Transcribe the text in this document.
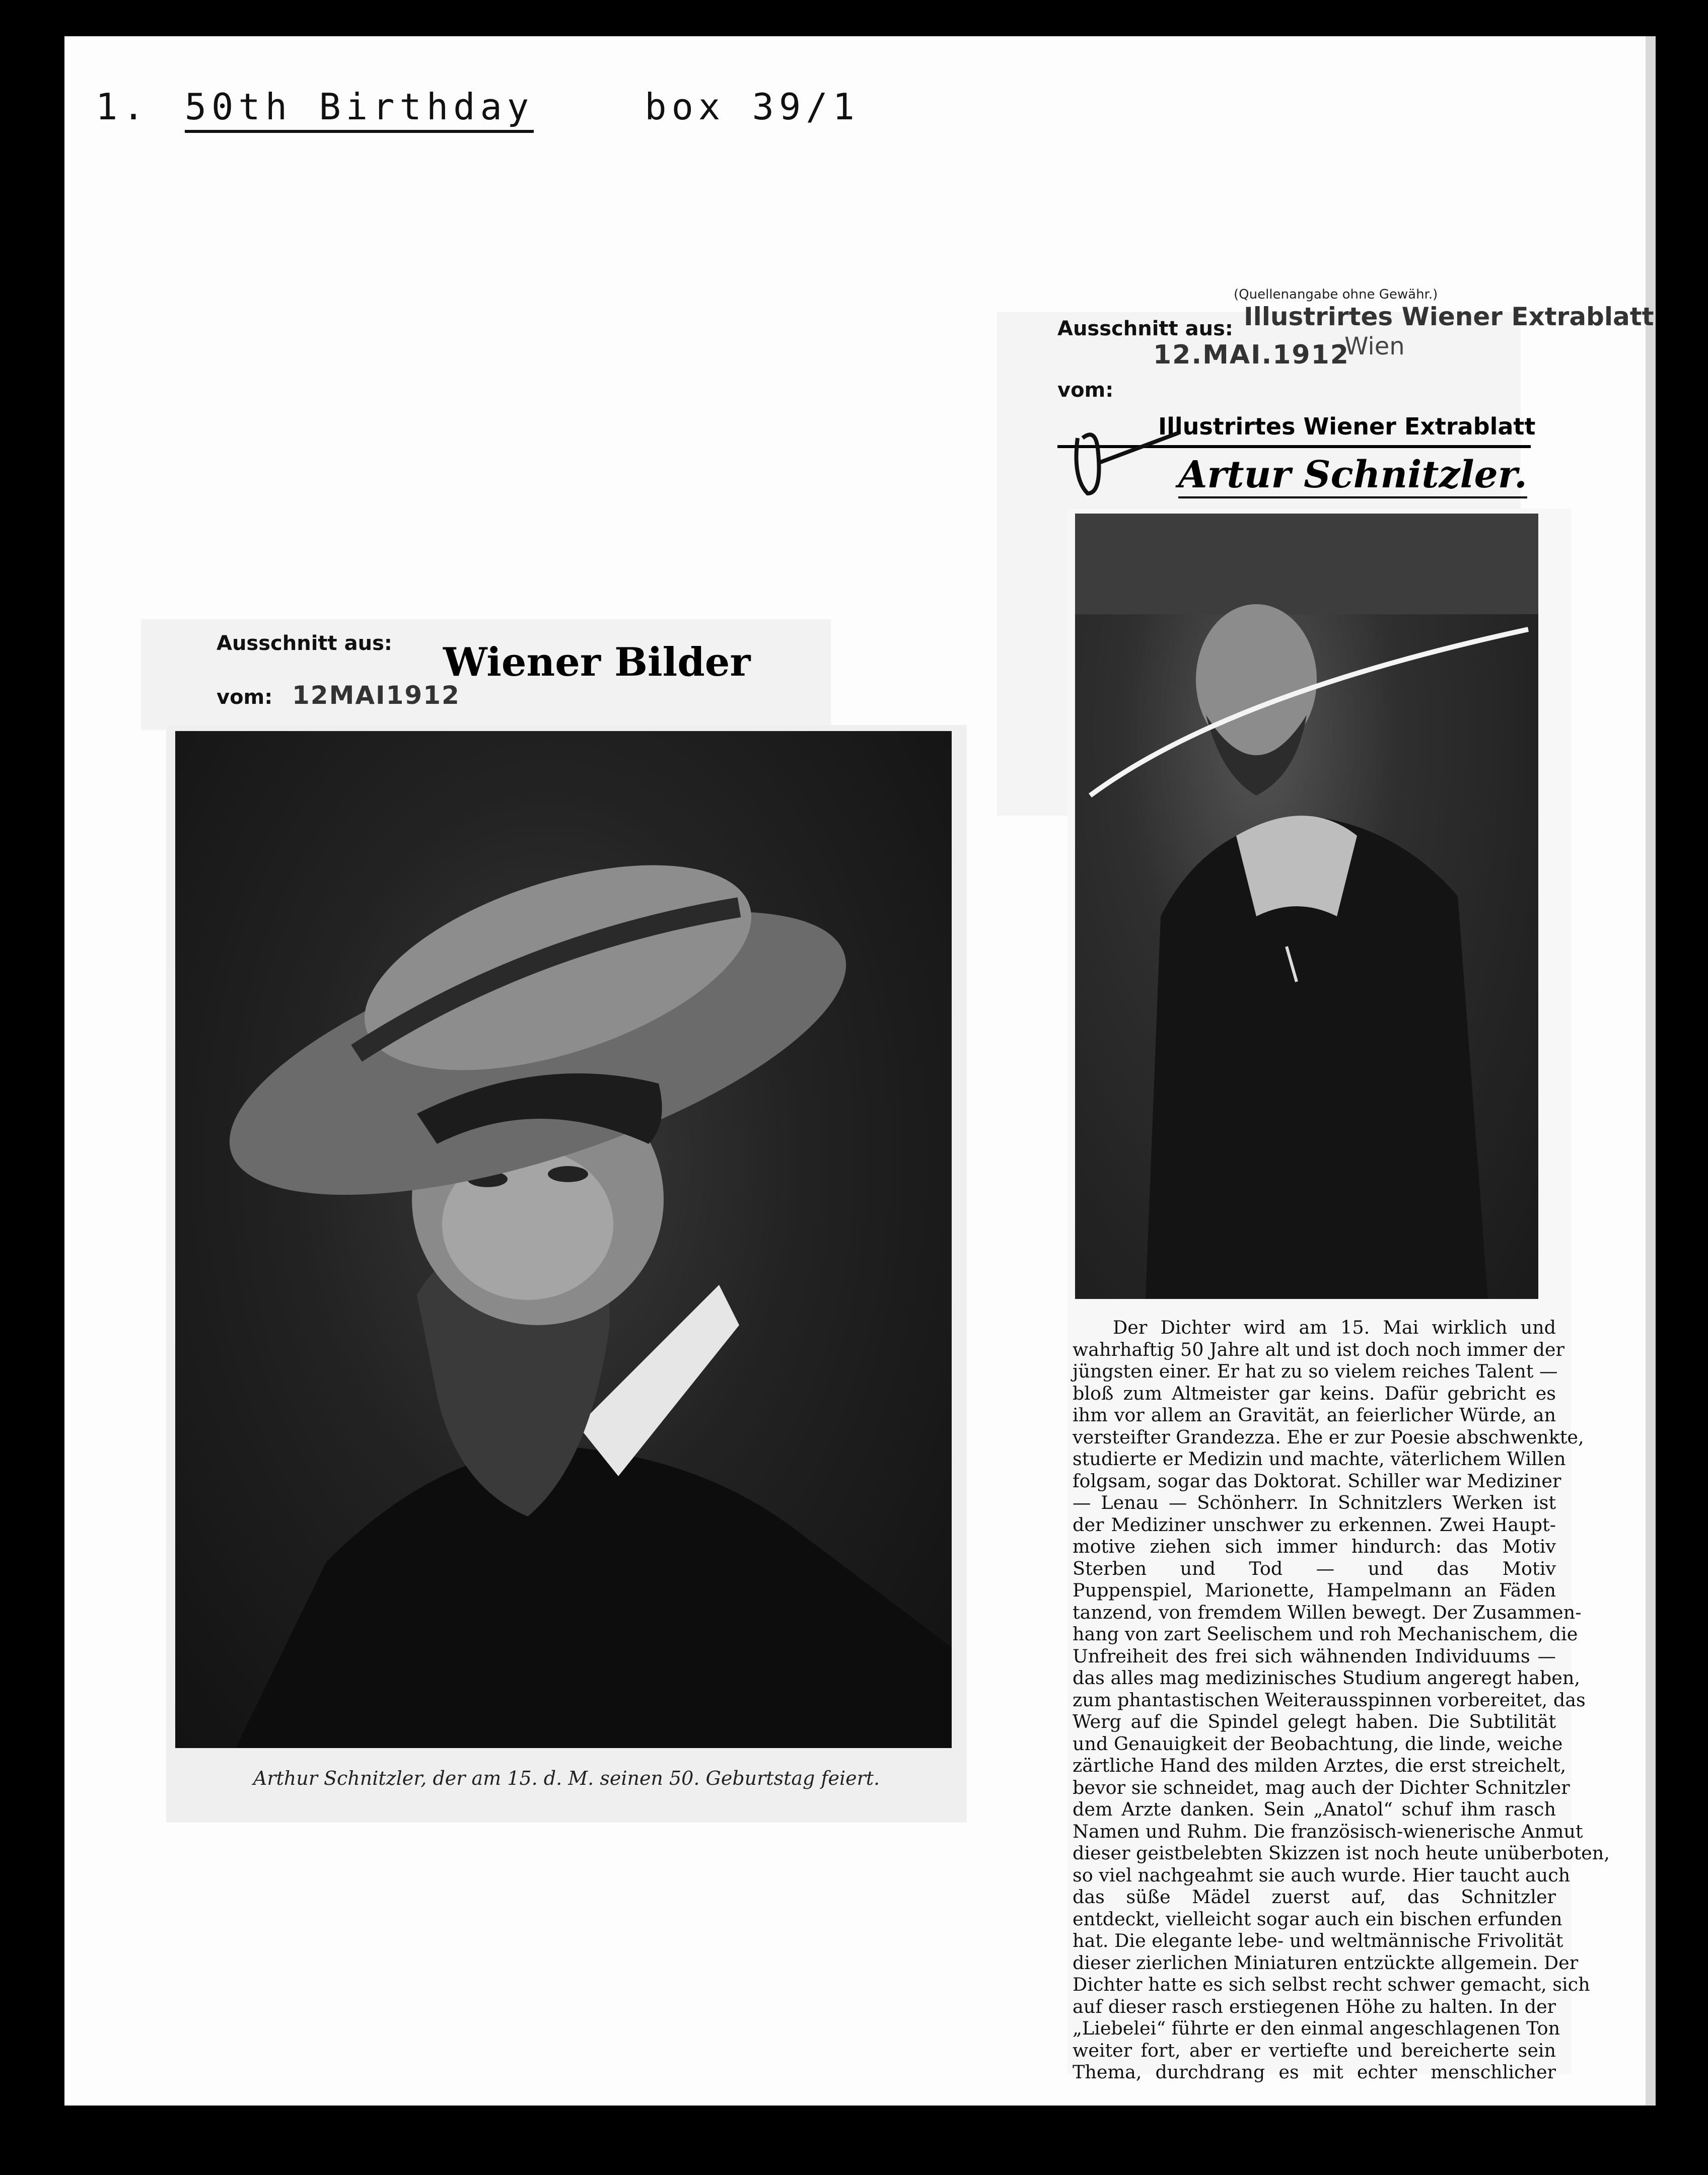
1. 50th Birthday	box 39/1
Ausschnitt aus:
vom: 12MAI1912
Wiener Bilder
Arthur Schnitzler, der am 15. d. M. seinen 50. Geburtstag feiert.
(Quellenangabe ohne Gewähr.)
Illustrirtes Wiener Extrablatt
Wien
Ausschnitt aus:
12.MAI.1912
vom:
Illustrirtes Wiener Extrablatt
Artur Schnitzler.
Der Dichter wird am 15. Mai wirklich und
wahrhaftig 50 Jahre alt und ist doch noch immer der
jüngsten einer. Er hat zu so vielem reiches Talent —
bloß zum Altmeister gar keins. Dafür gebricht es
ihm vor allem an Gravität, an feierlicher Würde, an
versteifter Grandezza. Ehe er zur Poesie abschwenkte,
studierte er Medizin und machte, väterlichem Willen
folgsam, sogar das Doktorat. Schiller war Mediziner
— Lenau — Schönherr. In Schnitzlers Werken ist
der Mediziner unschwer zu erkennen. Zwei Haupt-
motive ziehen sich immer hindurch: das Motiv
Sterben und Tod — und das Motiv
Puppenspiel, Marionette, Hampelmann an Fäden
tanzend, von fremdem Willen bewegt. Der Zusammen-
hang von zart Seelischem und roh Mechanischem, die
Unfreiheit des frei sich wähnenden Individuums —
das alles mag medizinisches Studium angeregt haben,
zum phantastischen Weiterausspinnen vorbereitet, das
Werg auf die Spindel gelegt haben. Die Subtilität
und Genauigkeit der Beobachtung, die linde, weiche
zärtliche Hand des milden Arztes, die erst streichelt,
bevor sie schneidet, mag auch der Dichter Schnitzler
dem Arzte danken. Sein „Anatol“ schuf ihm rasch
Namen und Ruhm. Die französisch-wienerische Anmut
dieser geistbelebten Skizzen ist noch heute unüberboten,
so viel nachgeahmt sie auch wurde. Hier taucht auch
das süße Mädel zuerst auf, das Schnitzler
entdeckt, vielleicht sogar auch ein bischen erfunden
hat. Die elegante lebe- und weltmännische Frivolität
dieser zierlichen Miniaturen entzückte allgemein. Der
Dichter hatte es sich selbst recht schwer gemacht, sich
auf dieser rasch erstiegenen Höhe zu halten. In der
„Liebelei“ führte er den einmal angeschlagenen Ton
weiter fort, aber er vertiefte und bereicherte sein
Thema, durchdrang es mit echter menschlicher
